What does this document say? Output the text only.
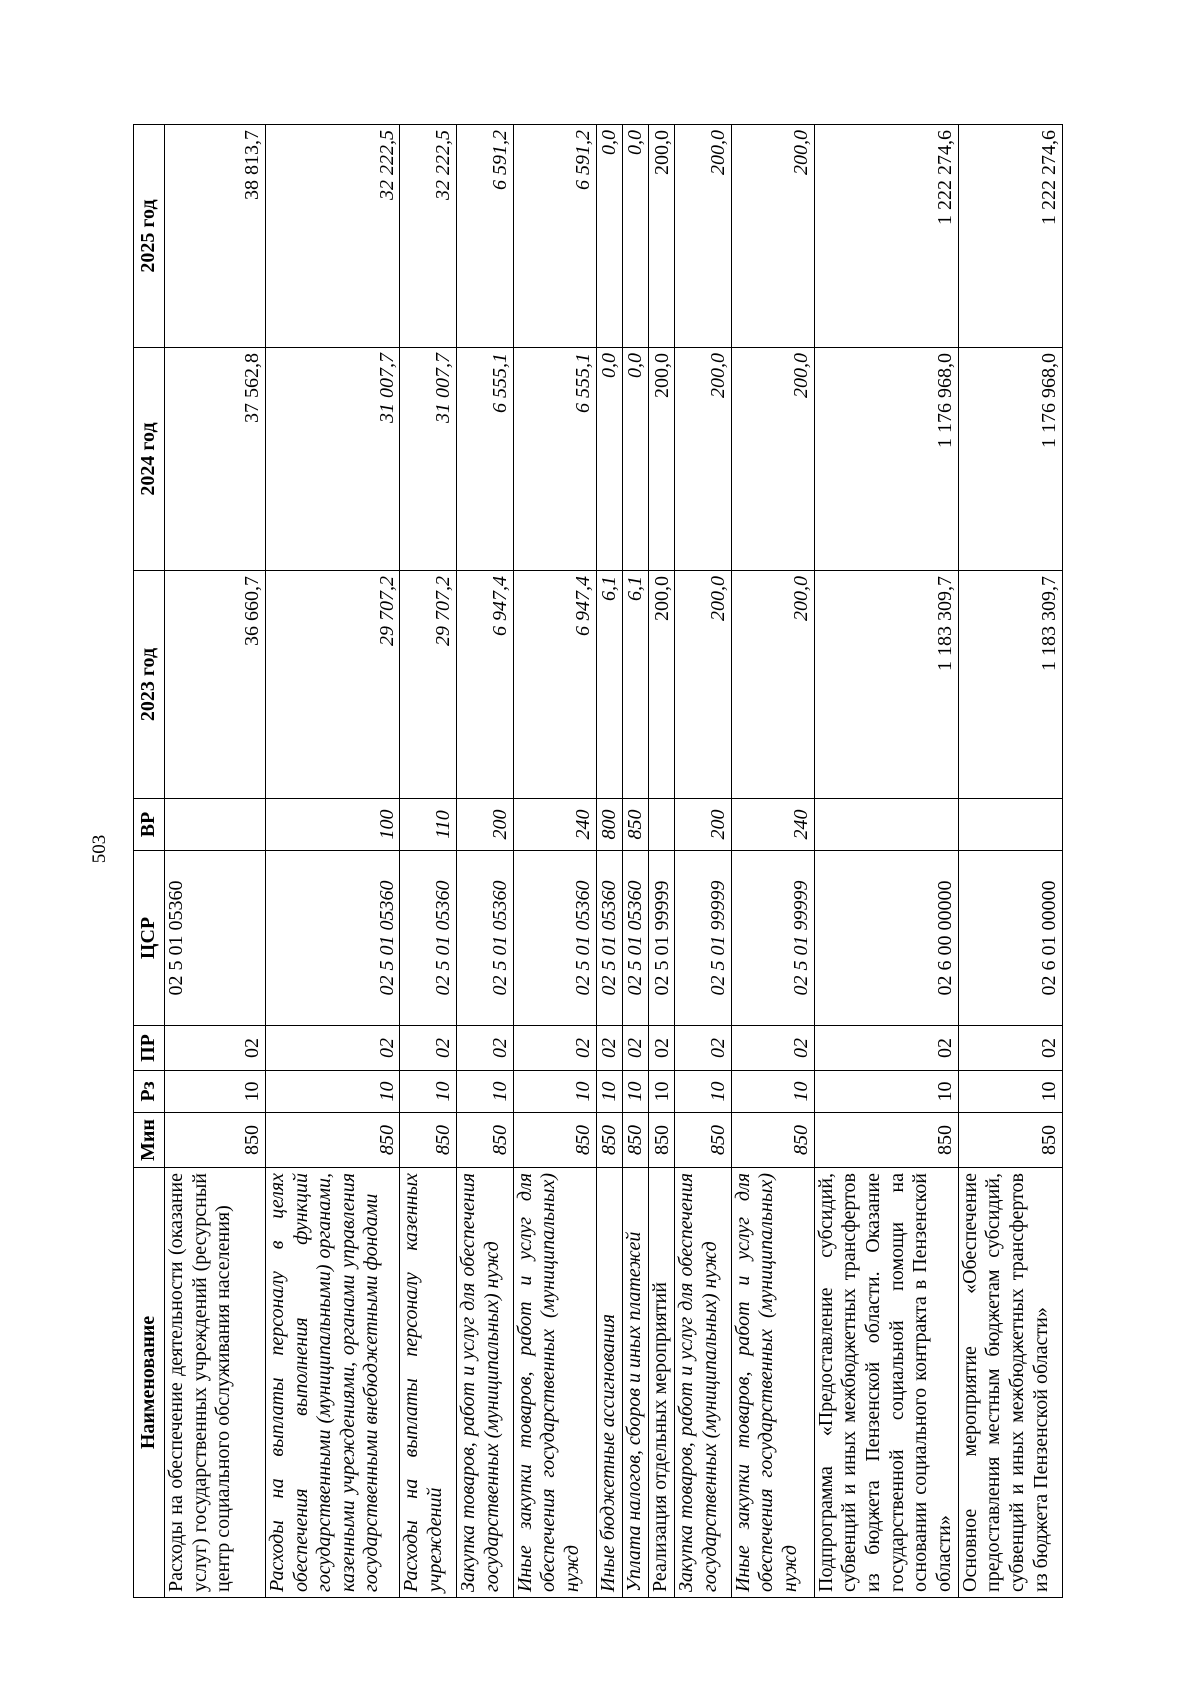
503
Наименование	Мин	Рз	ПР	ЦСР	ВР	2023 год	2024 год	2025 год
Расходы на обеспечение деятельности (оказание услуг) государственных учреждений (ресурсный центр социального обслуживания населения)	850	10	02	02 5 01 05360		36 660,7	37 562,8	38 813,7
Расходы на выплаты персоналу в целях обеспечения выполнения функций государственными (муниципальными) органами, казенными учреждениями, органами управления государственными внебюджетными фондами	850	10	02	02 5 01 05360	100	29 707,2	31 007,7	32 222,5
Расходы на выплаты персоналу казенных учреждений	850	10	02	02 5 01 05360	110	29 707,2	31 007,7	32 222,5
Закупка товаров, работ и услуг для обеспечения государственных (муниципальных) нужд	850	10	02	02 5 01 05360	200	6 947,4	6 555,1	6 591,2
Иные закупки товаров, работ и услуг для обеспечения государственных (муниципальных) нужд	850	10	02	02 5 01 05360	240	6 947,4	6 555,1	6 591,2
Иные бюджетные ассигнования	850	10	02	02 5 01 05360	800	6,1	0,0	0,0
Уплата налогов, сборов и иных платежей	850	10	02	02 5 01 05360	850	6,1	0,0	0,0
Реализация отдельных мероприятий	850	10	02	02 5 01 99999		200,0	200,0	200,0
Закупка товаров, работ и услуг для обеспечения государственных (муниципальных) нужд	850	10	02	02 5 01 99999	200	200,0	200,0	200,0
Иные закупки товаров, работ и услуг для обеспечения государственных (муниципальных) нужд	850	10	02	02 5 01 99999	240	200,0	200,0	200,0
Подпрограмма «Предоставление субсидий, субвенций и иных межбюджетных трансфертов из бюджета Пензенской области. Оказание государственной социальной помощи на основании социального контракта в Пензенской области»	850	10	02	02 6 00 00000		1 183 309,7	1 176 968,0	1 222 274,6
Основное мероприятие «Обеспечение предоставления местным бюджетам субсидий, субвенций и иных межбюджетных трансфертов из бюджета Пензенской области»	850	10	02	02 6 01 00000		1 183 309,7	1 176 968,0	1 222 274,6
